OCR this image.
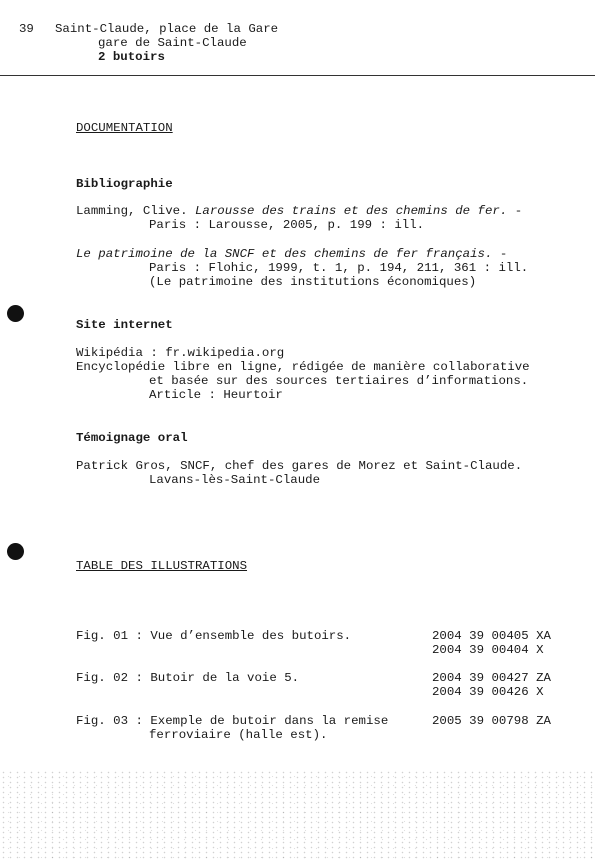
39 Saint-Claude, place de la Gare
gare de Saint-Claude
2 butoirs
DOCUMENTATION
Bibliographie
Lamming, Clive. Larousse des trains et des chemins de fer. -
Paris : Larousse, 2005, p. 199 : ill.
Le patrimoine de la SNCF et des chemins de fer français. -
Paris : Flohic, 1999, t. 1, p. 194, 211, 361 : ill.
(Le patrimoine des institutions économiques)
Site internet
Wikipédia : fr.wikipedia.org
Encyclopédie libre en ligne, rédigée de manière collaborative
et basée sur des sources tertiaires d’informations.
Article : Heurtoir
Témoignage oral
Patrick Gros, SNCF, chef des gares de Morez et Saint-Claude.
Lavans-lès-Saint-Claude
TABLE DES ILLUSTRATIONS
Fig. 01 : Vue d’ensemble des butoirs.	2004 39 00405 XA
2004 39 00404 X
Fig. 02 : Butoir de la voie 5.	2004 39 00427 ZA
2004 39 00426 X
Fig. 03 : Exemple de butoir dans la remise
ferroviaire (halle est).
2005 39 00798 ZA
